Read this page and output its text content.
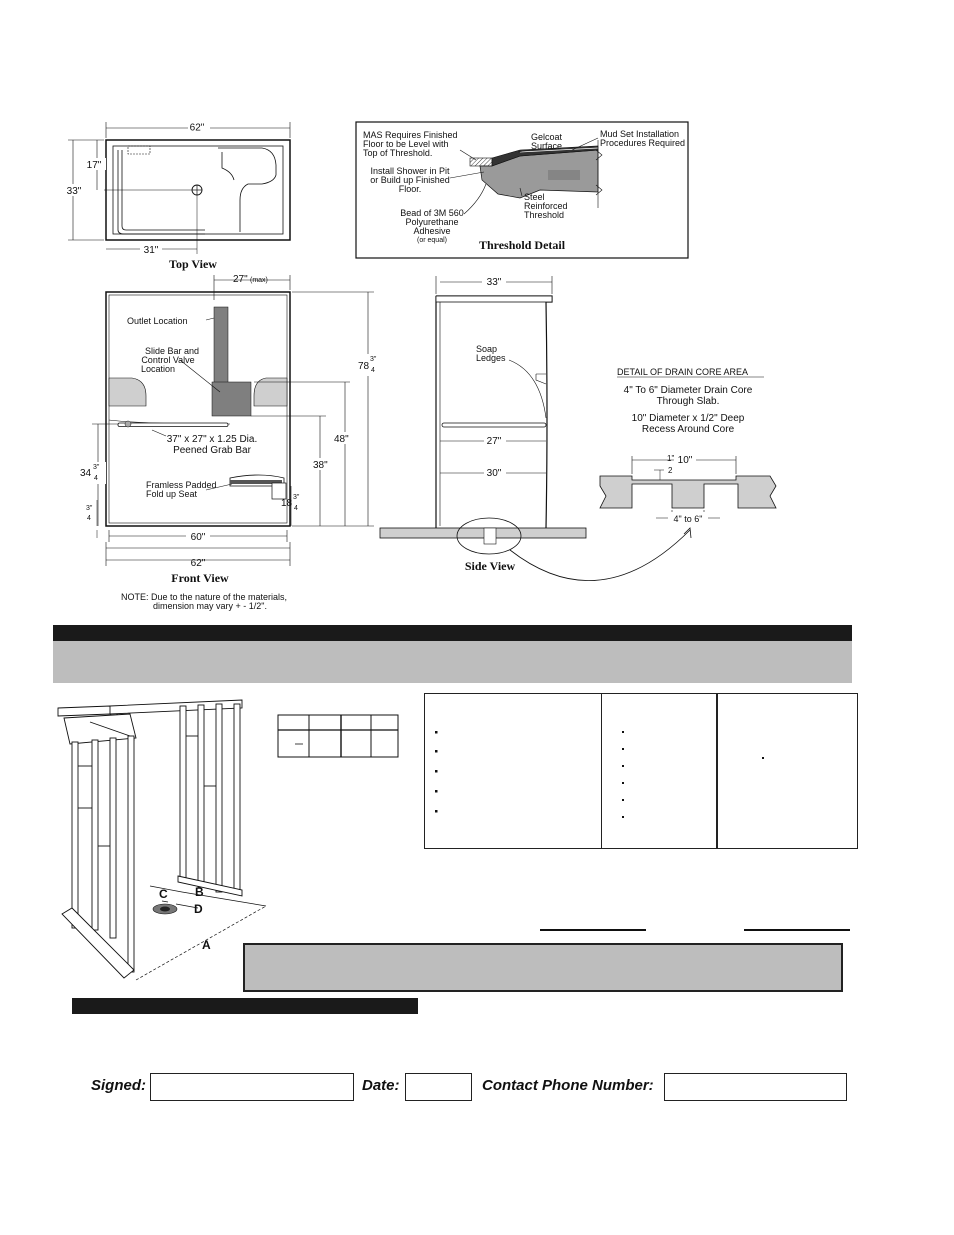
62"
33"
17"
31"
Top View
MAS Requires Finished
Floor to be Level with
Top of Threshold.
Install Shower in Pit
or Build up Finished
Floor.
Bead of 3M 560
Polyurethane
Adhesive
(or equal)
Gelcoat
Surface
Steel
Reinforced
Threshold
Mud Set Installation
Procedures Required
Threshold Detail
27" (max)
Outlet Location
Slide Bar and
Control Valve
Location
37" x 27" x 1.25 Dia.
Peened Grab Bar
Framless Padded
Fold up Seat
78
3"
4
48"
38"
34
3"
4
18
3"
4
3"
4
60"
62"
Front View
NOTE: Due to the nature of the materials,
dimension may vary + - 1/2".
33"
27"
30"
Soap
Ledges
Side View
DETAIL OF DRAIN CORE AREA
4" To 6" Diameter Drain Core
Through Slab.
10" Diameter x 1/2" Deep
Recess Around Core
10"
1"
2
4" to 6"
C B
D
A
Signed:	Date:	Contact Phone Number:
